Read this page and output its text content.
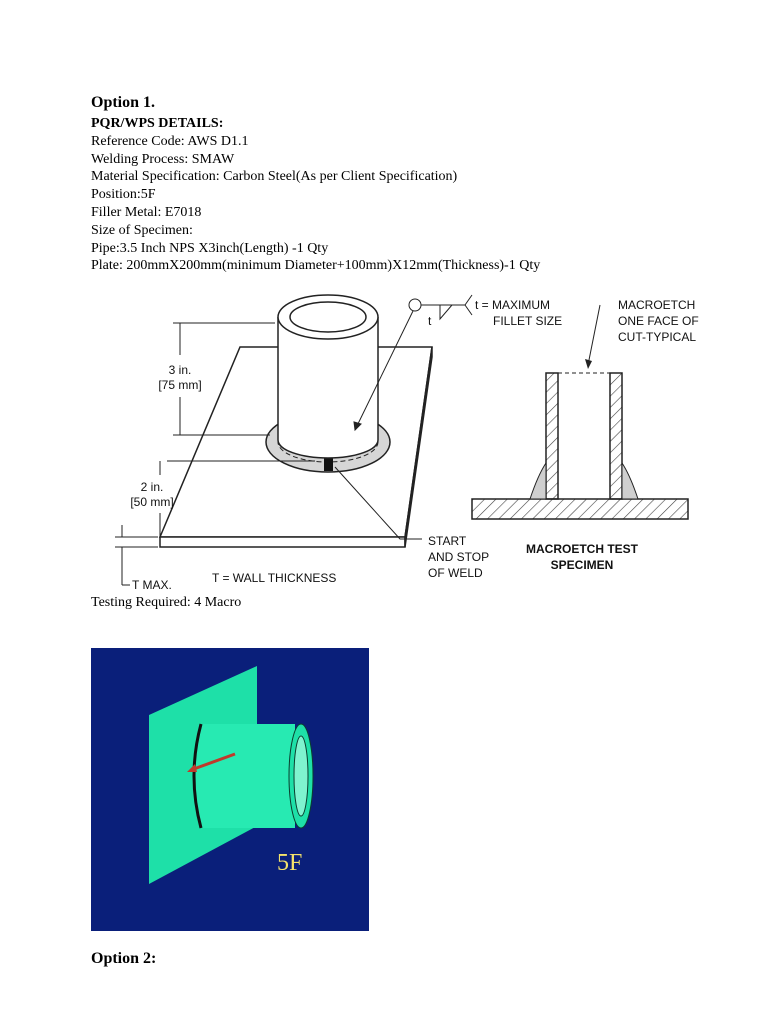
Option 1.
PQR/WPS DETAILS:
Reference Code: AWS D1.1
Welding Process: SMAW
Material Specification: Carbon Steel(As per Client Specification)
Position:5F
Filler Metal: E7018
Size of Specimen:
Pipe:3.5 Inch NPS X3inch(Length) -1 Qty
Plate: 200mmX200mm(minimum Diameter+100mm)X12mm(Thickness)-1 Qty
3 in.
[75 mm]
2 in.
[50 mm]
T MAX.	T = WALL THICKNESS
t
t = MAXIMUM
FILLET SIZE
START
AND STOP
OF WELD
MACROETCH
ONE FACE OF
CUT-TYPICAL
MACROETCH TEST
SPECIMEN
Testing Required: 4 Macro
5F
Option 2:
